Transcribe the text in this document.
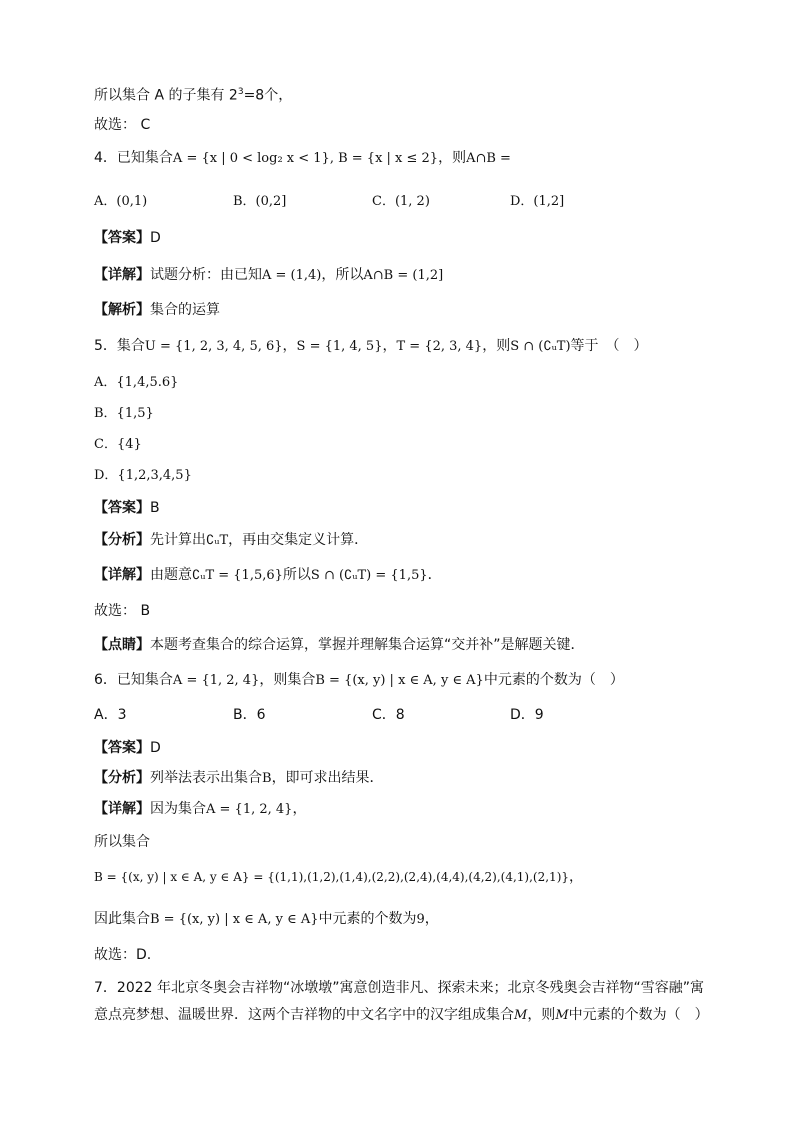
所以集合 A 的子集有 $2^3=8$个，
故选： C
4．已知集合A = {x | 0 < log₂ x < 1}, B = {x | x ≤ 2}，则A∩B =
A．(0,1)	B．(0,2]	C．(1, 2)	D．(1,2]
【答案】D
【详解】试题分析：由已知A = (1,4)，所以A∩B = (1,2]
【解析】集合的运算
5．集合U = {1, 2, 3, 4, 5, 6}，S = {1, 4, 5}，T = {2, 3, 4}，则S ∩ (∁ᵤT)等于　（　）
A．{1,4,5.6}
B．{1,5}
C．{4}
D．{1,2,3,4,5}
【答案】B
【分析】先计算出∁ᵤT，再由交集定义计算．
【详解】由题意∁ᵤT = {1,5,6}所以S ∩ (∁ᵤT) = {1,5}．
故选： B
【点睛】本题考查集合的综合运算，掌握并理解集合运算“交并补”是解题关键．
6．已知集合A = {1, 2, 4}，则集合B = {(x, y) | x ∈ A, y ∈ A}中元素的个数为（　）
A．3	B．6	C．8	D．9
【答案】D
【分析】列举法表示出集合B，即可求出结果．
【详解】因为集合A = {1, 2, 4}，
所以集合
B = {(x, y) | x ∈ A, y ∈ A} = {(1,1),(1,2),(1,4),(2,2),(2,4),(4,4),(4,2),(4,1),(2,1)}，
因此集合B = {(x, y) | x ∈ A, y ∈ A}中元素的个数为9，
故选：D.
7．2022 年北京冬奥会吉祥物“冰墩墩”寓意创造非凡、探索未来；北京冬残奥会吉祥物“雪容融”寓意点亮梦想、温暖世界．这两个吉祥物的中文名字中的汉字组成集合M，则M中元素的个数为（　）
